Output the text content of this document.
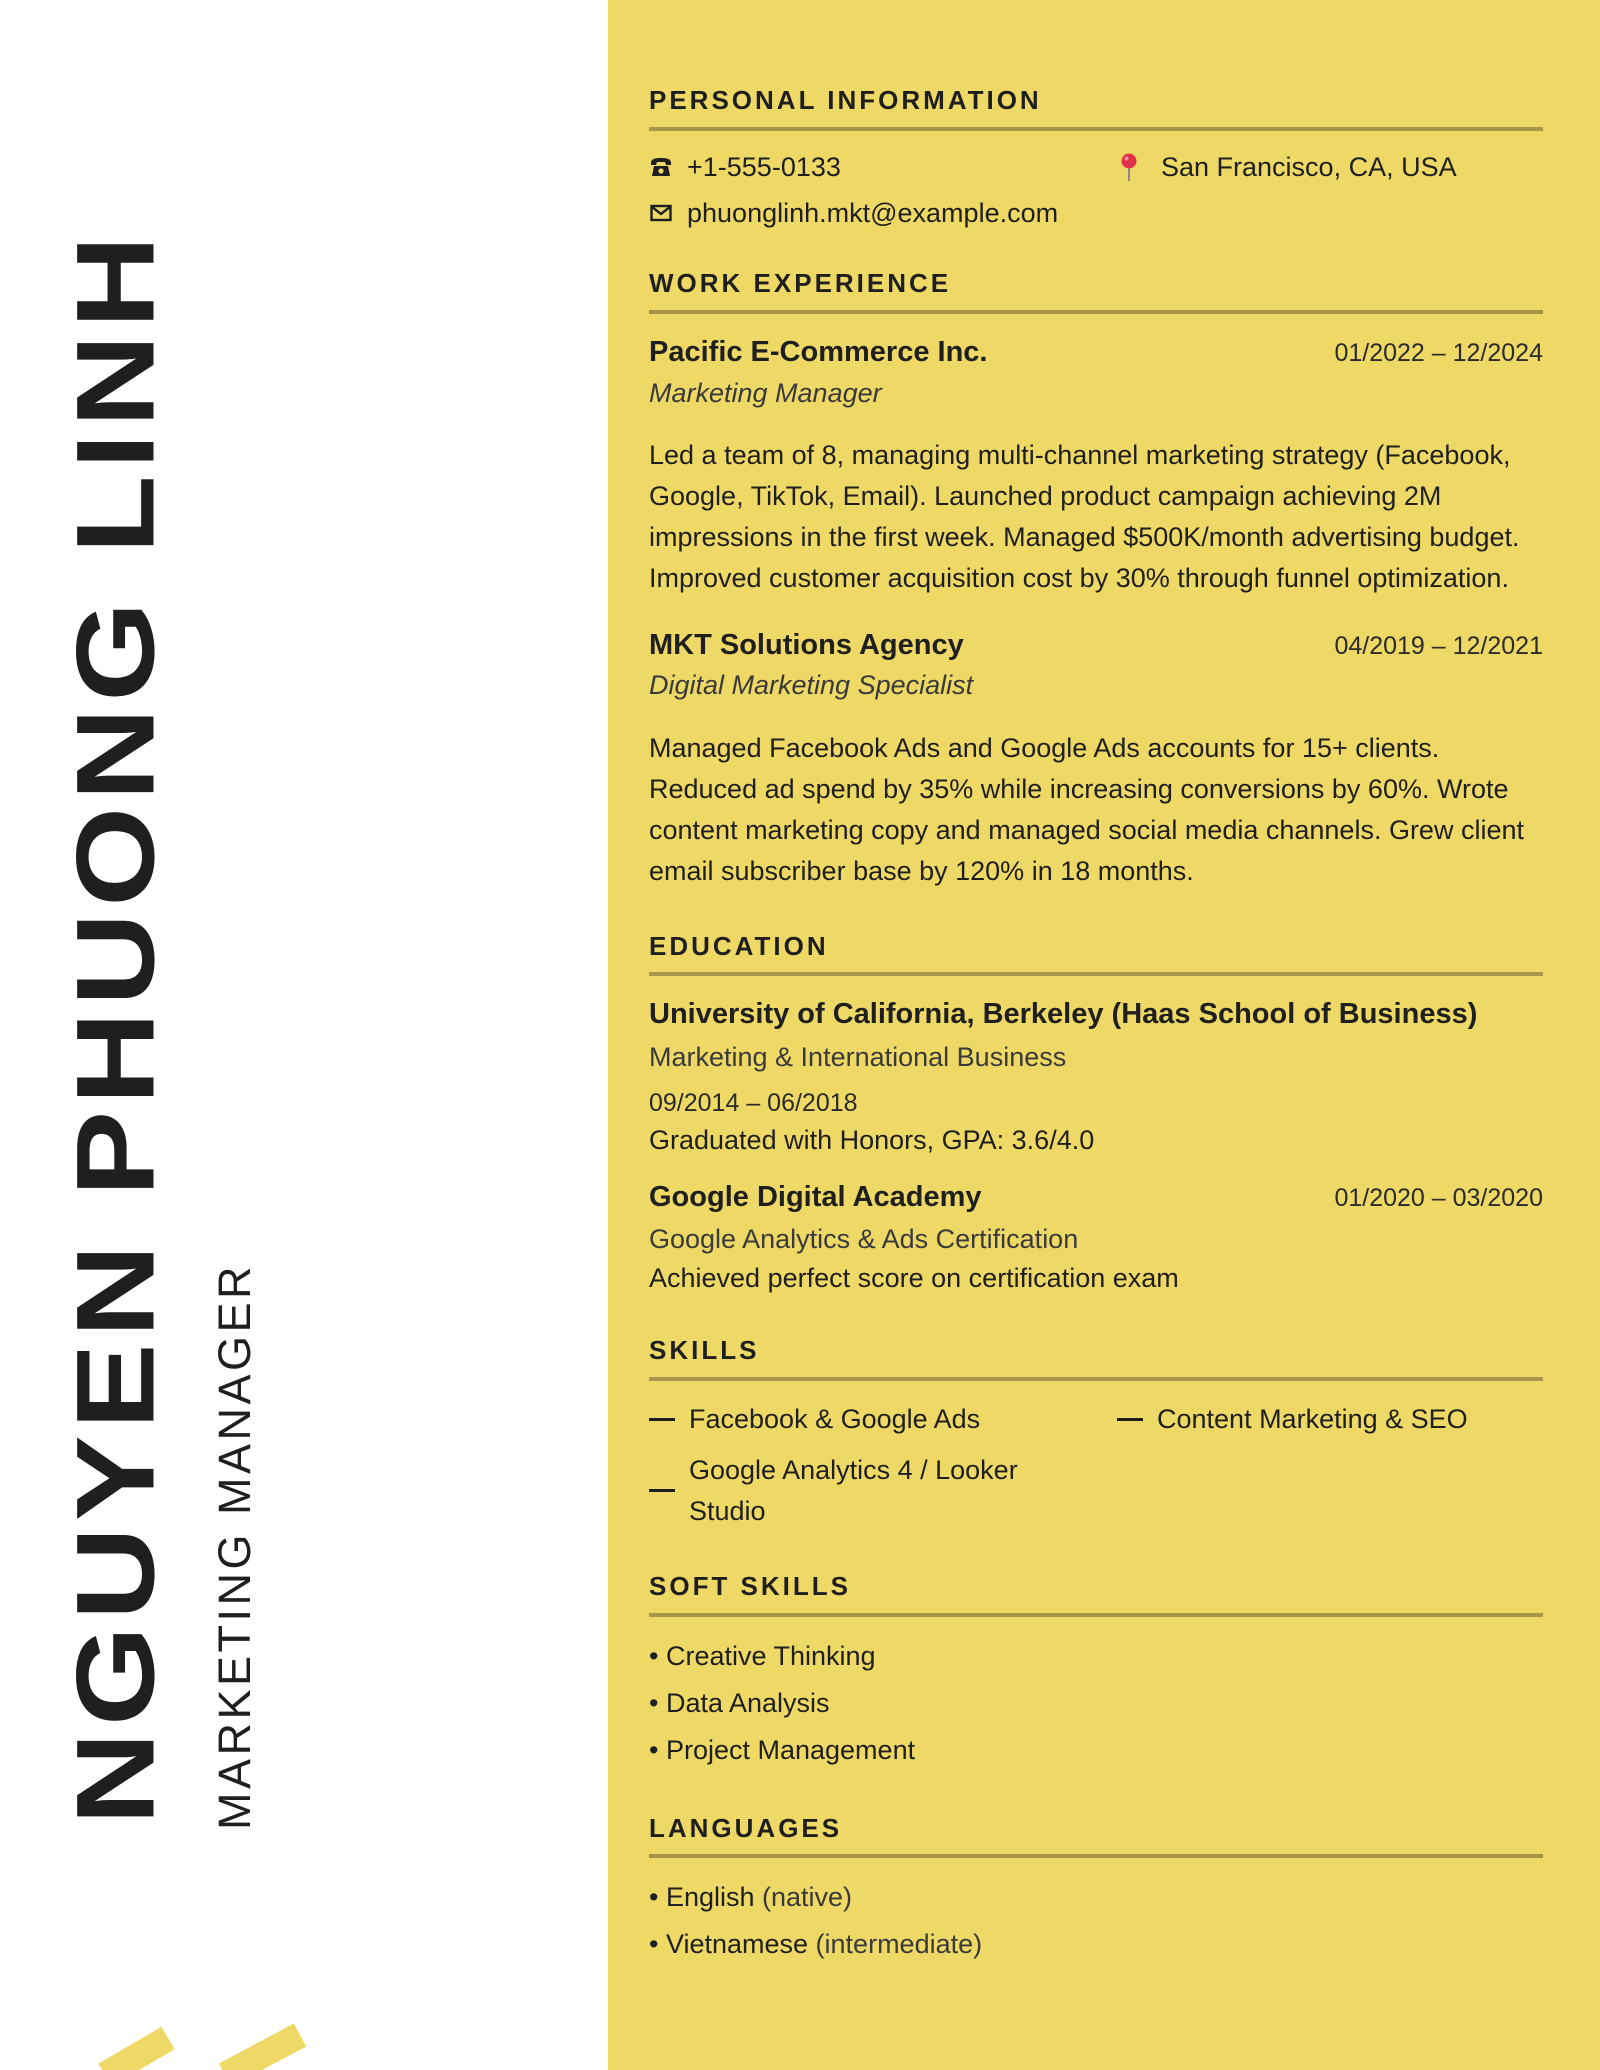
NGUYEN PHUONG LINH MARKETING MANAGER
PERSONAL INFORMATION
+1-555-0133	San Francisco, CA, USA
phuonglinh.mkt@example.com
WORK EXPERIENCE
Pacific E-Commerce Inc.	01/2022 – 12/2024
Marketing Manager
Led a team of 8, managing multi-channel marketing strategy (Facebook, Google, TikTok, Email). Launched product campaign achieving 2M impressions in the first week. Managed $500K/month advertising budget. Improved customer acquisition cost by 30% through funnel optimization.
MKT Solutions Agency	04/2019 – 12/2021
Digital Marketing Specialist
Managed Facebook Ads and Google Ads accounts for 15+ clients. Reduced ad spend by 35% while increasing conversions by 60%. Wrote content marketing copy and managed social media channels. Grew client email subscriber base by 120% in 18 months.
EDUCATION
University of California, Berkeley (Haas School of Business)
Marketing & International Business
09/2014 – 06/2018
Graduated with Honors, GPA: 3.6/4.0
Google Digital Academy	01/2020 – 03/2020
Google Analytics & Ads Certification
Achieved perfect score on certification exam
SKILLS
Facebook & Google Ads	Content Marketing & SEO
Google Analytics 4 / Looker Studio
SOFT SKILLS
• Creative Thinking
• Data Analysis
• Project Management
LANGUAGES
• English (native)
• Vietnamese (intermediate)
